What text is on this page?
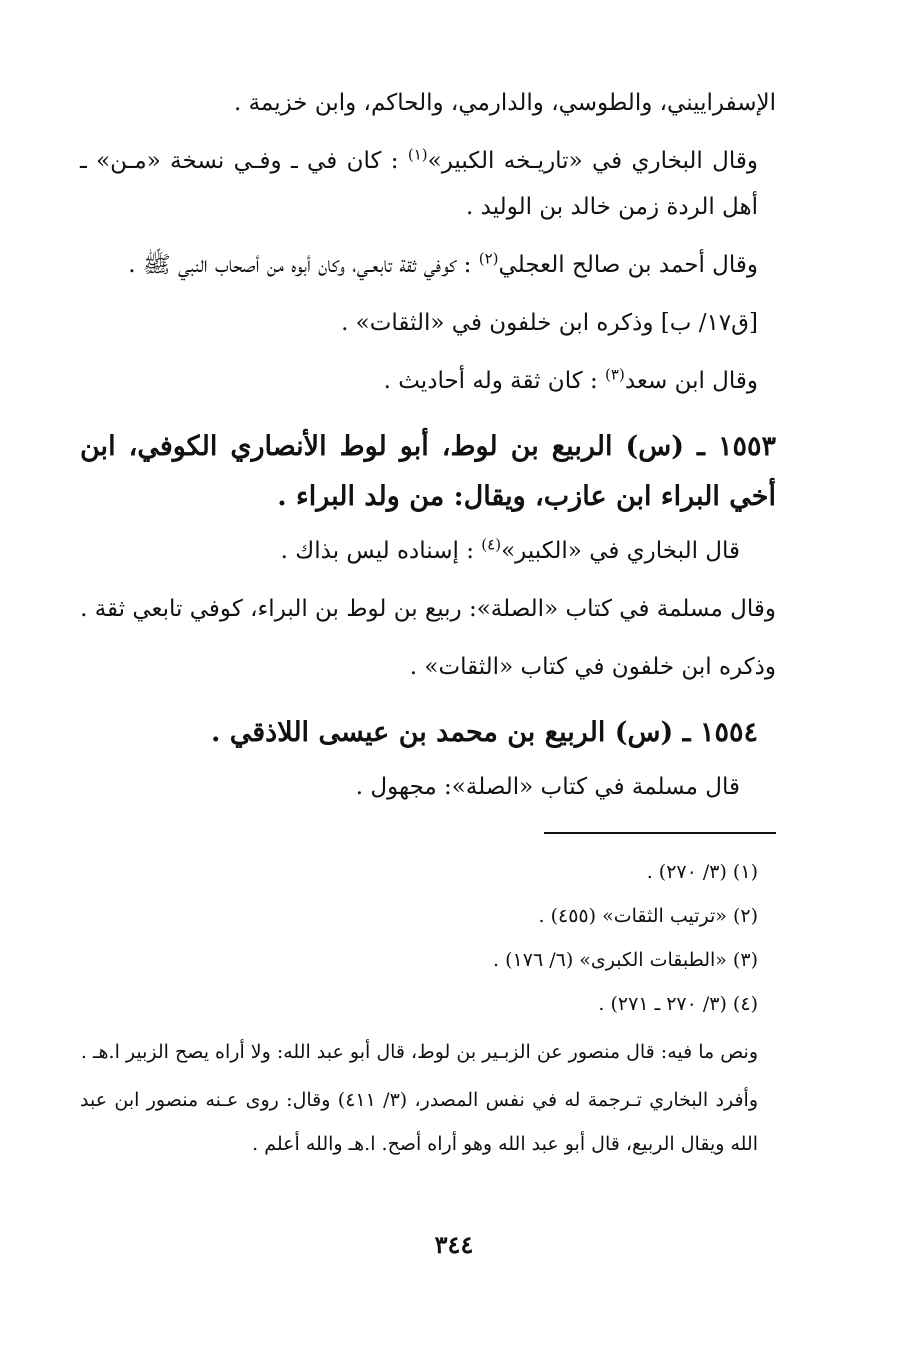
الإسفراييني، والطوسي، والدارمي، والحاكم، وابن خزيمة .

وقال البخاري في «تاريـخه الكبير»$^{(١)}$ : كان في ـ وفـي نسخة «مـن» ـ أهل الردة زمن خالد بن الوليد .

وقال أحمد بن صالح العجلي$^{(٢)}$ : كوفي ثقة تابعـي، وكان أبوه من أصحاب النبي ﷺ .

[ق١٧/ ب] وذكره ابن خلفون في «الثقات» .

وقال ابن سعد$^{(٣)}$ : كان ثقة وله أحاديث .

١٥٥٣ ـ (س) الربيع بن لوط، أبو لوط الأنصاري الكوفي، ابن أخي البراء ابن عازب، ويقال: من ولد البراء .

قال البخاري في «الكبير»$^{(٤)}$ : إسناده ليس بذاك .

وقال مسلمة في كتاب «الصلة»: ربيع بن لوط بن البراء، كوفي تابعي ثقة .

وذكره ابن خلفون في كتاب «الثقات» .

١٥٥٤ ـ (س) الربيع بن محمد بن عيسى اللاذقي .

قال مسلمة في كتاب «الصلة»: مجهول .

(١) (٣/ ٢٧٠) .

(٢) «ترتيب الثقات» (٤٥٥) .

(٣) «الطبقات الكبرى» (٦/ ١٧٦) .

(٤) (٣/ ٢٧٠ ـ ٢٧١) .

ونص ما فيه: قال منصور عن الزبـير بن لوط، قال أبو عبد الله: ولا أراه يصح الزبير ا.هـ .

وأفرد البخاري تـرجمة له في نفس المصدر، (٣/ ٤١١) وقال: روى عـنه منصور ابن عبد الله ويقال الربيع، قال أبو عبد الله وهو أراه أصح. ا.هـ والله أعلم .

٣٤٤
